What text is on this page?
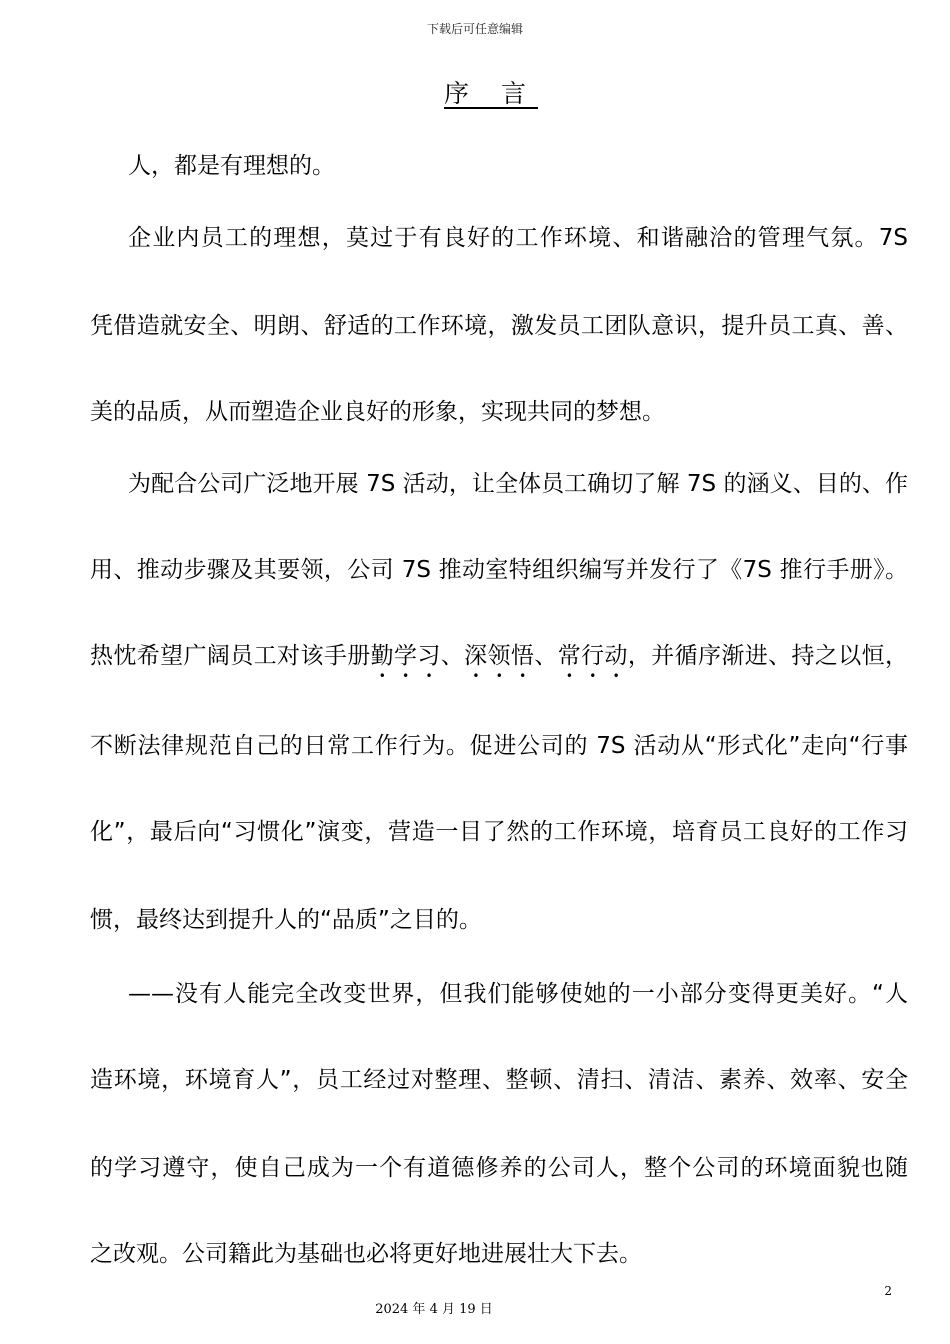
下载后可任意编辑
序 言
人，都是有理想的。
企业内员工的理想，莫过于有良好的工作环境、和谐融洽的管理气氛。7S
凭借造就安全、明朗、舒适的工作环境，激发员工团队意识，提升员工真、善、
美的品质，从而塑造企业良好的形象，实现共同的梦想。
为配合公司广泛地开展 7S 活动，让全体员工确切了解 7S 的涵义、目的、作
用、推动步骤及其要领，公司 7S 推动室特组织编写并发行了《7S 推行手册》。
热忱希望广阔员工对该手册勤学习、深领悟、常行动，并循序渐进、持之以恒，
不断法律规范自己的日常工作行为。促进公司的 7S 活动从“形式化”走向“行事
化”，最后向“习惯化”演变，营造一目了然的工作环境，培育员工良好的工作习
惯，最终达到提升人的“品质”之目的。
——没有人能完全改变世界，但我们能够使她的一小部分变得更美好。“人
造环境，环境育人”，员工经过对整理、整顿、清扫、清洁、素养、效率、安全
的学习遵守，使自己成为一个有道德修养的公司人，整个公司的环境面貌也随
之改观。公司籍此为基础也必将更好地进展壮大下去。
2
2024 年 4 月 19 日
